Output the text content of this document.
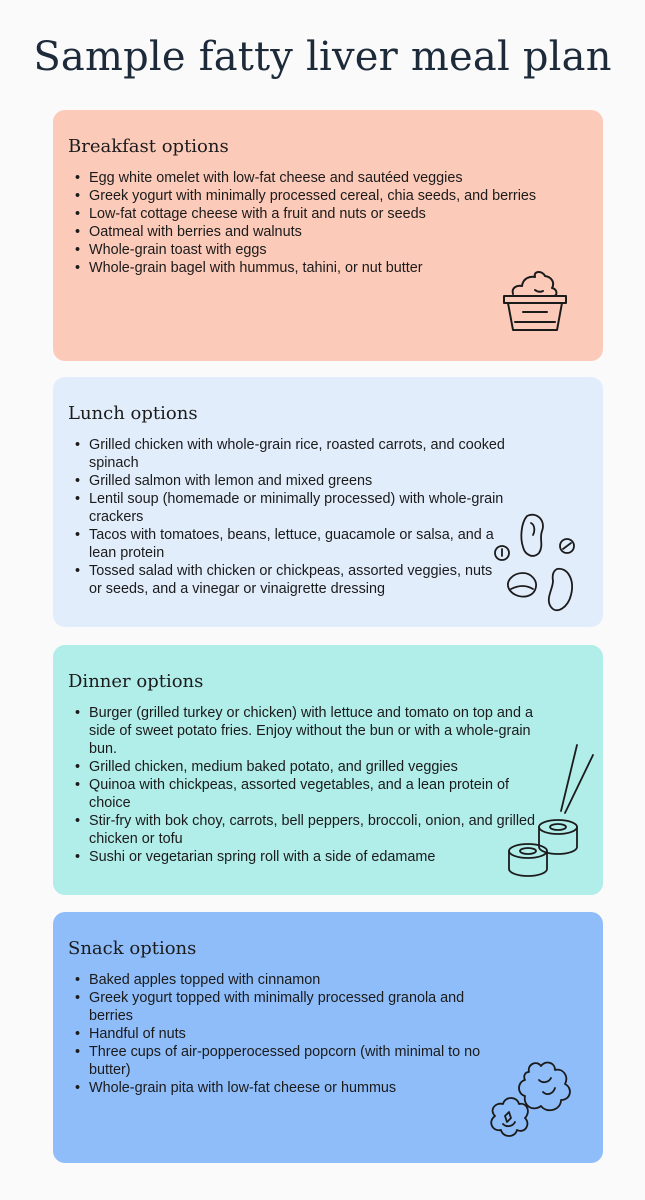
Sample fatty liver meal plan
Breakfast options
• Egg white omelet with low-fat cheese and sautéed veggies
• Greek yogurt with minimally processed cereal, chia seeds, and berries
• Low-fat cottage cheese with a fruit and nuts or seeds
• Oatmeal with berries and walnuts
• Whole-grain toast with eggs
• Whole-grain bagel with hummus, tahini, or nut butter
Lunch options
• Grilled chicken with whole-grain rice, roasted carrots, and cooked spinach
• Grilled salmon with lemon and mixed greens
• Lentil soup (homemade or minimally processed) with whole-grain crackers
• Tacos with tomatoes, beans, lettuce, guacamole or salsa, and a lean protein
• Tossed salad with chicken or chickpeas, assorted veggies, nuts or seeds, and a vinegar or vinaigrette dressing
Dinner options
• Burger (grilled turkey or chicken) with lettuce and tomato on top and a side of sweet potato fries. Enjoy without the bun or with a whole-grain bun.
• Grilled chicken, medium baked potato, and grilled veggies
• Quinoa with chickpeas, assorted vegetables, and a lean protein of choice
• Stir-fry with bok choy, carrots, bell peppers, broccoli, onion, and grilled chicken or tofu
• Sushi or vegetarian spring roll with a side of edamame
Snack options
• Baked apples topped with cinnamon
• Greek yogurt topped with minimally processed granola and berries
• Handful of nuts
• Three cups of air-popperocessed popcorn (with minimal to no butter)
• Whole-grain pita with low-fat cheese or hummus
